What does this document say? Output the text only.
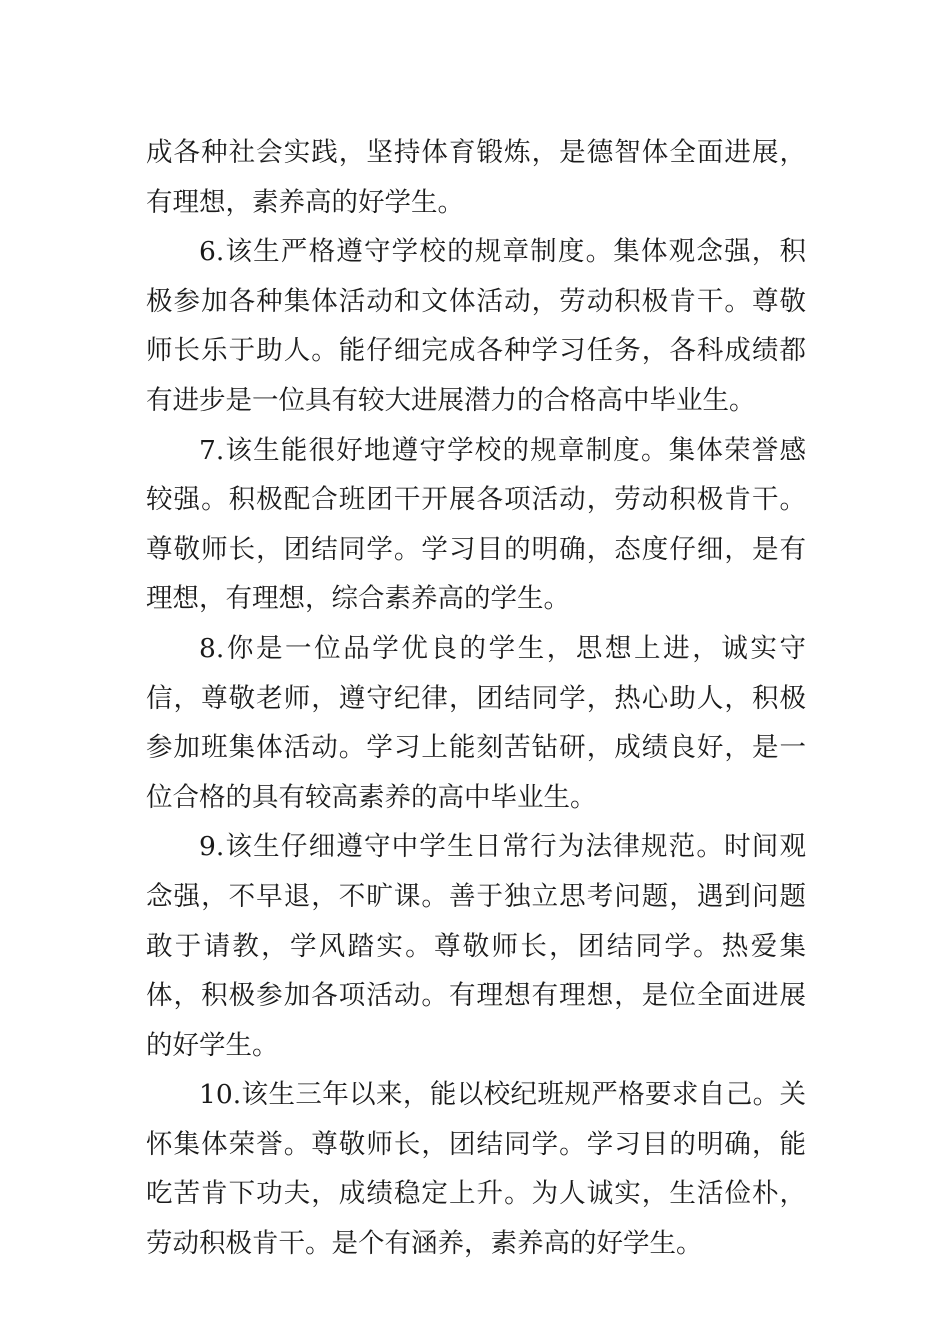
成各种社会实践，坚持体育锻炼，是德智体全面进展，有理想，素养高的好学生。

6.该生严格遵守学校的规章制度。集体观念强，积极参加各种集体活动和文体活动，劳动积极肯干。尊敬师长乐于助人。能仔细完成各种学习任务，各科成绩都有进步是一位具有较大进展潜力的合格高中毕业生。

7.该生能很好地遵守学校的规章制度。集体荣誉感较强。积极配合班团干开展各项活动，劳动积极肯干。尊敬师长，团结同学。学习目的明确，态度仔细，是有理想，有理想，综合素养高的学生。

8.你是一位品学优良的学生，思想上进，诚实守信，尊敬老师，遵守纪律，团结同学，热心助人，积极参加班集体活动。学习上能刻苦钻研，成绩良好，是一位合格的具有较高素养的高中毕业生。

9.该生仔细遵守中学生日常行为法律规范。时间观念强，不早退，不旷课。善于独立思考问题，遇到问题敢于请教，学风踏实。尊敬师长，团结同学。热爱集体，积极参加各项活动。有理想有理想，是位全面进展的好学生。

10.该生三年以来，能以校纪班规严格要求自己。关怀集体荣誉。尊敬师长，团结同学。学习目的明确，能吃苦肯下功夫，成绩稳定上升。为人诚实，生活俭朴，劳动积极肯干。是个有涵养，素养高的好学生。
